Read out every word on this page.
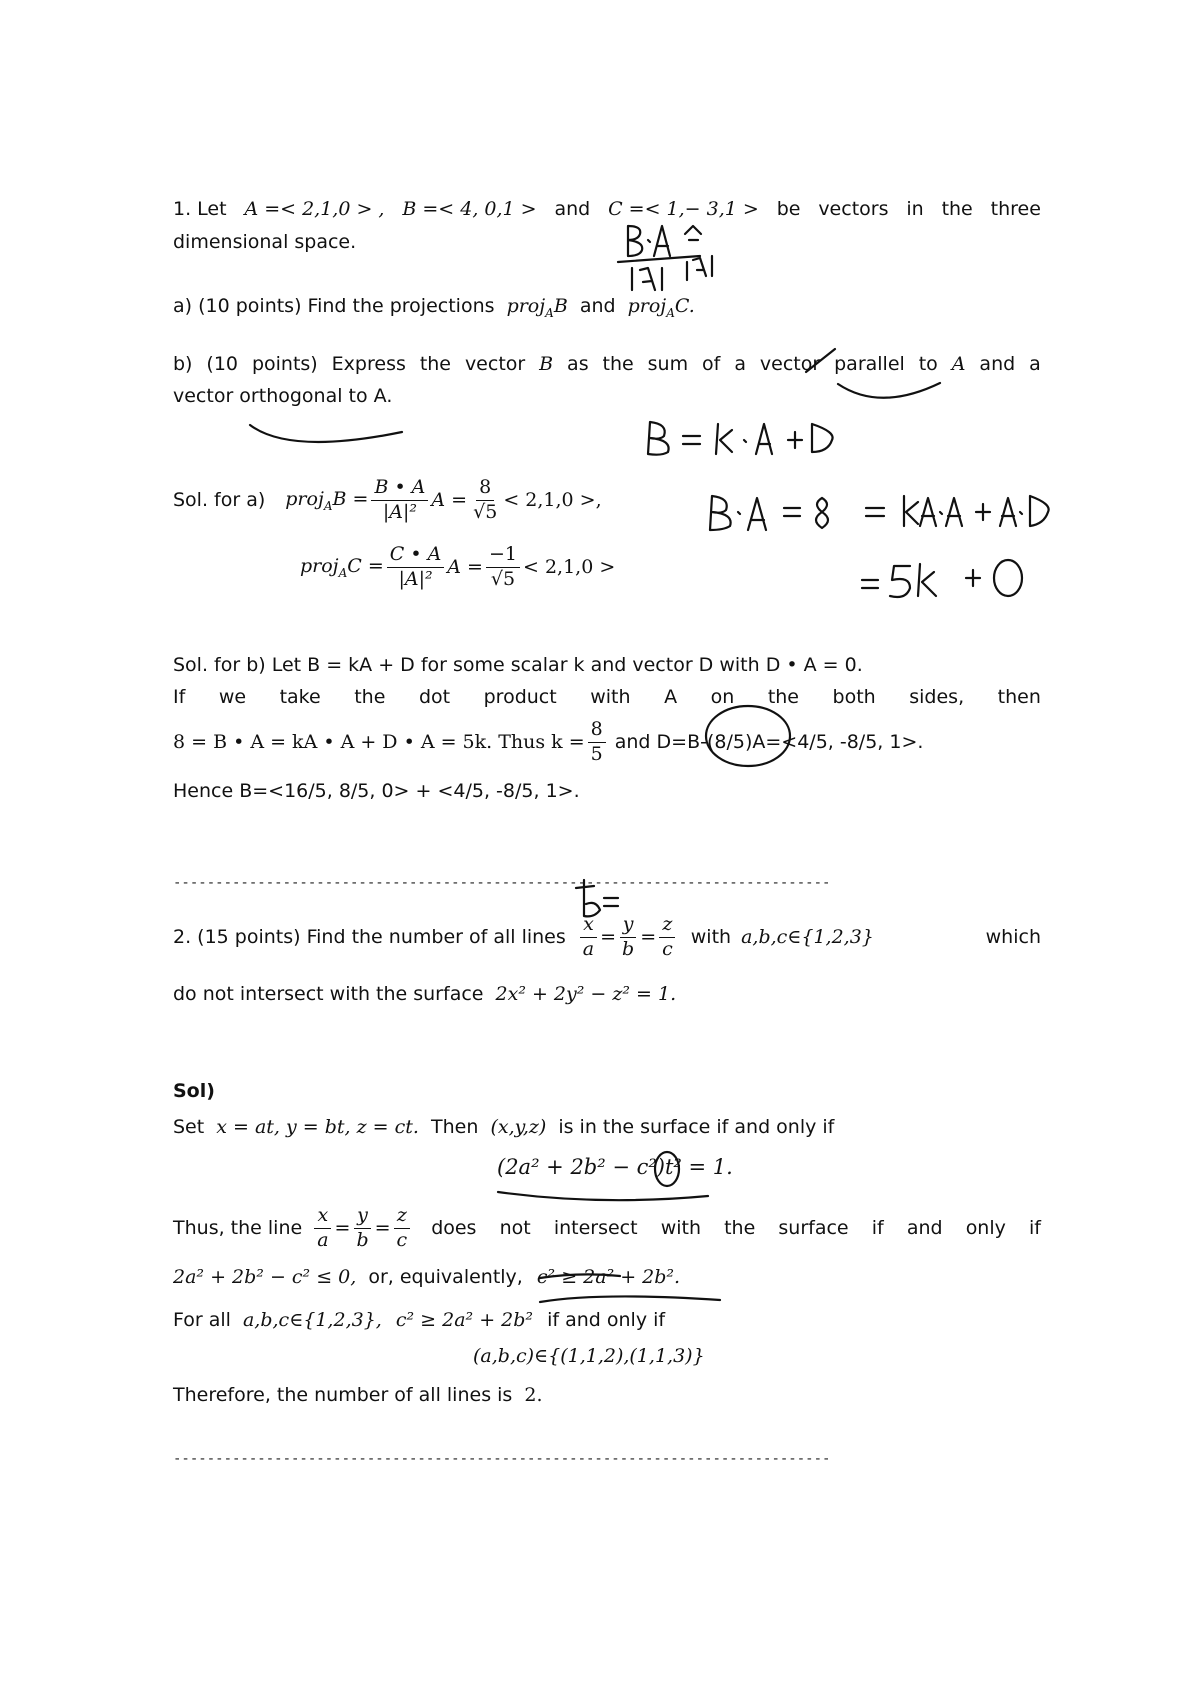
1. Let A =< 2,1,0 > , B =< 4, 0,1 > and C =< 1,− 3,1 > be vectors in the three
dimensional space.
a) (10 points) Find the projections proj$_A$B and proj$_A$C.
b) (10 points) Express the vector B as the sum of a vector parallel to A and a
vector orthogonal to A.
Sol. for a) proj$_A$B = $\frac{B • A}{\text{|A|²}}$ $A = \frac{8}{√5} < 2,1,0$ >,
proj$_A$C = $\frac{C • A}{\text{|A|²}}$ $A = \frac{-1}{√5} < 2,1,0$ >
Sol. for b) Let B = kA + D for some scalar k and vector D with D • A = 0.
If we take the dot product with A on the both sides, then
8 = B • A = kA • A + D • A = 5k. Thus $k = \frac{8}{5}$ and D=B-(8/5)A=<4/5, -8/5, 1>.
Hence B=<16/5, 8/5, 0> + <4/5, -8/5, 1>.
------------------------------------------------------------------------------
2. (15 points) Find the number of all lines $\frac{x}{a} = \frac{y}{b} = \frac{z}{c}$ with a,b,c∈{1,2,3}	which
do not intersect with the surface 2x² + 2y² − z² = 1.
Sol)
Set x = at, y = bt, z = ct. Then (x,y,z) is in the surface if and only if
(2a² + 2b² − c²)t² = 1.
Thus, the line $\frac{x}{a} = \frac{y}{b} = \frac{z}{c}$ does not intersect with the surface if and only if
2a² + 2b² − c² ≤ 0, or, equivalently, c² ≥ 2a² + 2b².
For all a,b,c∈{1,2,3}, c² ≥ 2a² + 2b² if and only if
(a,b,c)∈{(1,1,2),(1,1,3)}
Therefore, the number of all lines is 2.
------------------------------------------------------------------------------
